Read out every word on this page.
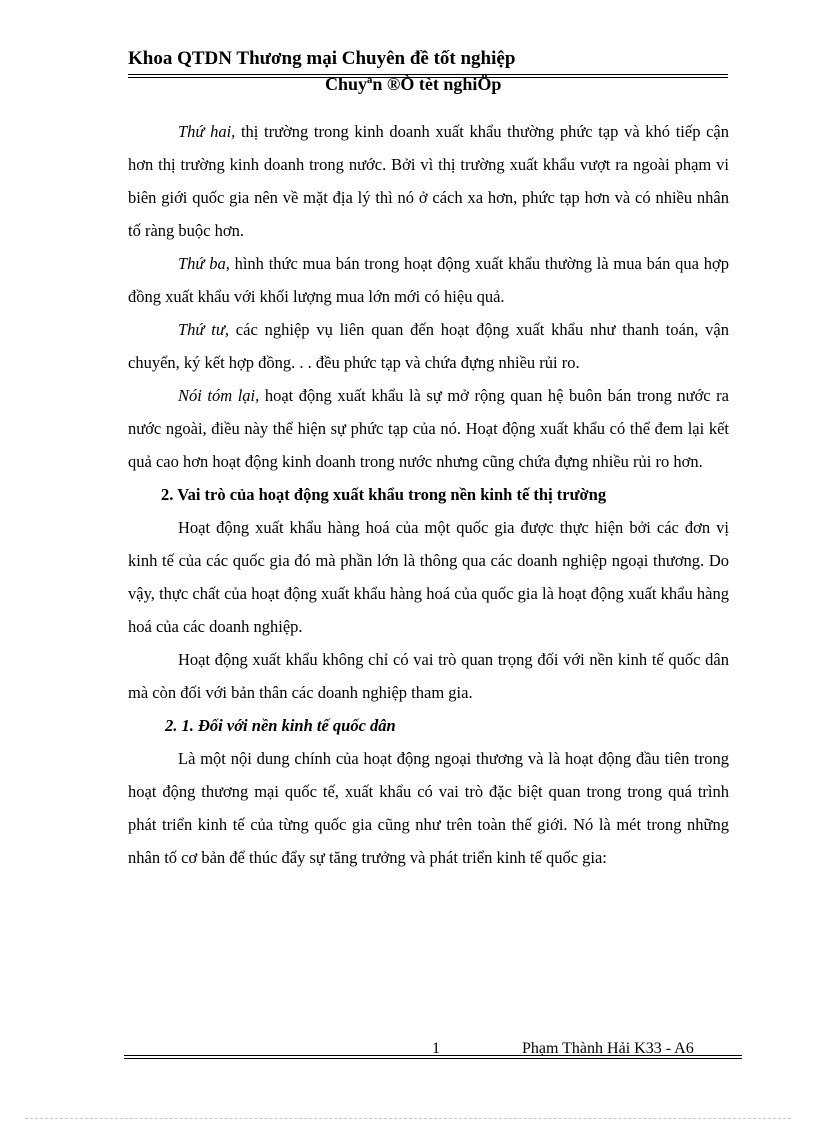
Khoa QTDN Thương mại Chuyên đề tốt nghiệp
Chuyªn ®Ò tèt nghiÖp

Thứ hai, thị trường trong kinh doanh xuất khẩu thường phức tạp và khó tiếp cận hơn thị trường kinh doanh trong nước. Bởi vì thị trường xuất khẩu vượt ra ngoài phạm vi biên giới quốc gia nên về mặt địa lý thì nó ở cách xa hơn, phức tạp hơn và có nhiều nhân tố ràng buộc hơn.

Thứ ba, hình thức mua bán trong hoạt động xuất khẩu thường là mua bán qua hợp đồng xuất khẩu với khối lượng mua lớn mới có hiệu quả.

Thứ tư, các nghiệp vụ liên quan đến hoạt động xuất khẩu như thanh toán, vận chuyển, ký kết hợp đồng. . . đều phức tạp và chứa đựng nhiều rủi ro.

Nói tóm lại, hoạt động xuất khẩu là sự mở rộng quan hệ buôn bán trong nước ra nước ngoài, điều này thể hiện sự phức tạp của nó. Hoạt động xuất khẩu có thể đem lại kết quả cao hơn hoạt động kinh doanh trong nước nhưng cũng chứa đựng nhiều rủi ro hơn.

2. Vai trò của hoạt động xuất khẩu trong nền kinh tế thị trường

Hoạt động xuất khẩu hàng hoá của một quốc gia được thực hiện bởi các đơn vị kinh tế của các quốc gia đó mà phần lớn là thông qua các doanh nghiệp ngoại thương. Do vậy, thực chất của hoạt động xuất khẩu hàng hoá của quốc gia là hoạt động xuất khẩu hàng hoá của các doanh nghiệp.

Hoạt động xuất khẩu không chỉ có vai trò quan trọng đối với nền kinh tế quốc dân mà còn đối với bản thân các doanh nghiệp tham gia.

2. 1. Đối với nền kinh tế quốc dân

Là một nội dung chính của hoạt động ngoại thương và là hoạt động đầu tiên trong hoạt động thương mại quốc tế, xuất khẩu có vai trò đặc biệt quan trong trong quá trình phát triển kinh tế của từng quốc gia cũng như trên toàn thế giới. Nó là mét trong những nhân tố cơ bản để thúc đẩy sự tăng trưởng và phát triển kinh tế quốc gia:

1	Phạm Thành Hải K33 - A6
